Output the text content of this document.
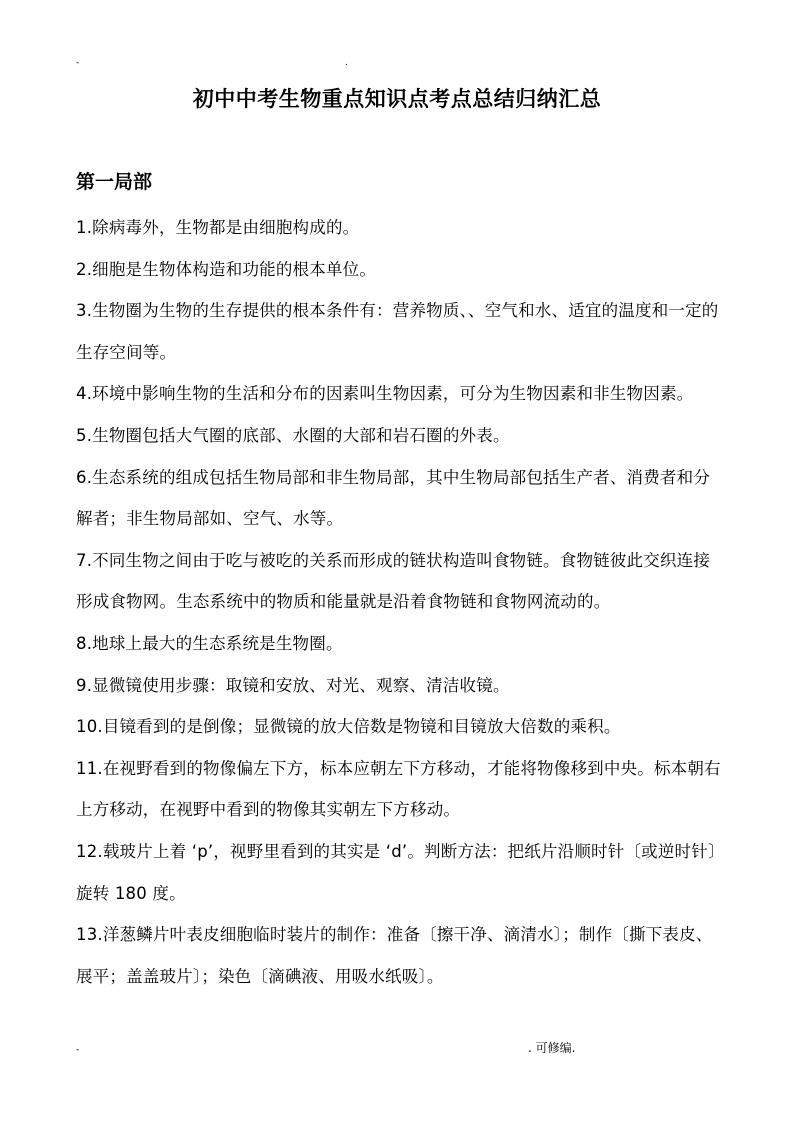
-	.
初中中考生物重点知识点考点总结归纳汇总
第一局部

1.除病毒外，生物都是由细胞构成的。

2.细胞是生物体构造和功能的根本单位。

3.生物圈为生物的生存提供的根本条件有：营养物质、、空气和水、适宜的温度和一定的生存空间等。

4.环境中影响生物的生活和分布的因素叫生物因素，可分为生物因素和非生物因素。

5.生物圈包括大气圈的底部、水圈的大部和岩石圈的外表。

6.生态系统的组成包括生物局部和非生物局部，其中生物局部包括生产者、消费者和分解者；非生物局部如、空气、水等。

7.不同生物之间由于吃与被吃的关系而形成的链状构造叫食物链。食物链彼此交织连接形成食物网。生态系统中的物质和能量就是沿着食物链和食物网流动的。

8.地球上最大的生态系统是生物圈。

9.显微镜使用步骤：取镜和安放、对光、观察、清洁收镜。

10.目镜看到的是倒像；显微镜的放大倍数是物镜和目镜放大倍数的乘积。

11.在视野看到的物像偏左下方，标本应朝左下方移动，才能将物像移到中央。标本朝右上方移动，在视野中看到的物像其实朝左下方移动。

12.载玻片上着 ‘p’，视野里看到的其实是 ‘d’。判断方法：把纸片沿顺时针〔或逆时针〕旋转 180 度。

13.洋葱鳞片叶表皮细胞临时装片的制作：准备〔擦干净、滴清水〕；制作〔撕下表皮、展平；盖盖玻片〕；染色〔滴碘液、用吸水纸吸〕。

-	. 可修编.
